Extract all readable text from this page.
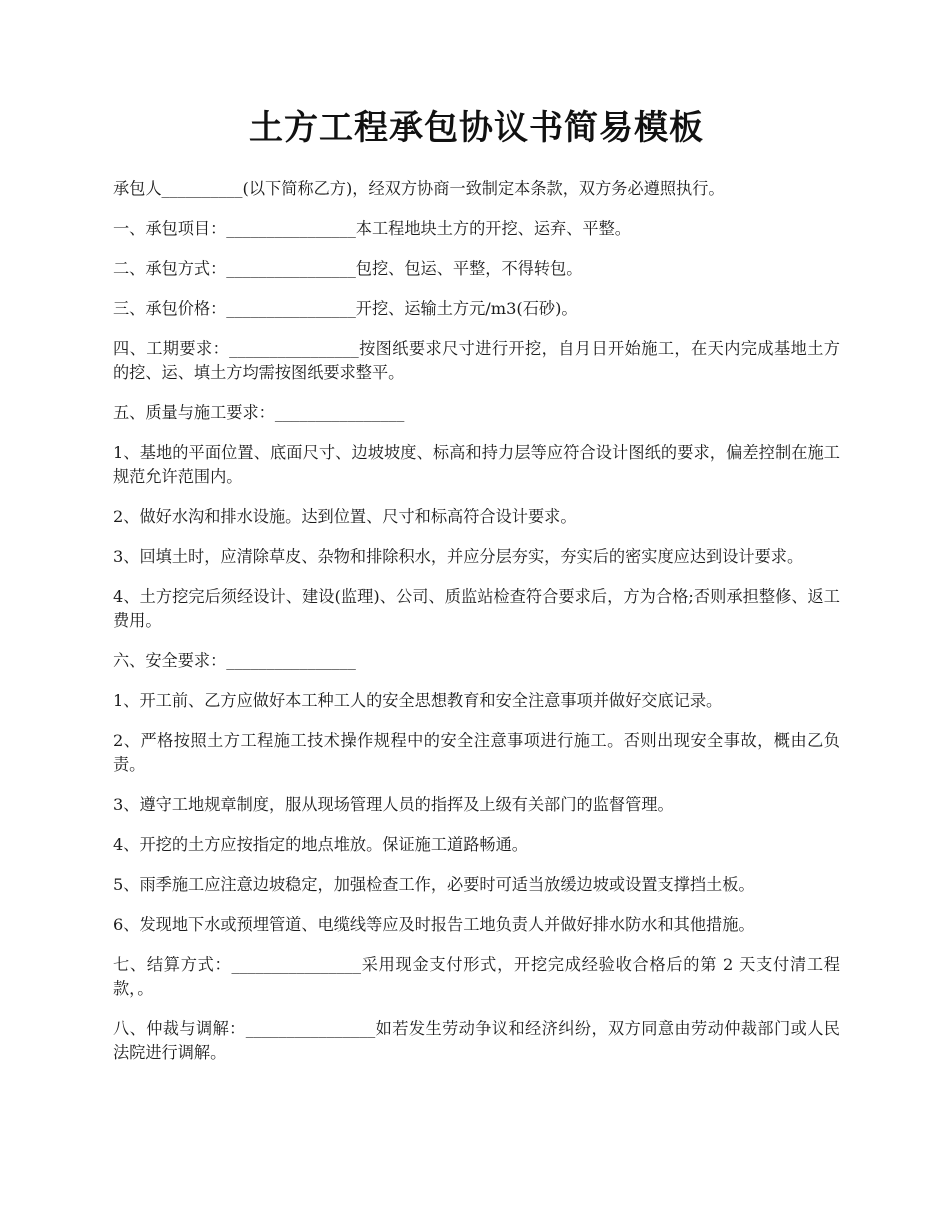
土方工程承包协议书简易模板

承包人__________(以下简称乙方)，经双方协商一致制定本条款，双方务必遵照执行。

一、承包项目：________________本工程地块土方的开挖、运弃、平整。

二、承包方式：________________包挖、包运、平整，不得转包。

三、承包价格：________________开挖、运输土方元/m3(石砂)。

四、工期要求：________________按图纸要求尺寸进行开挖，自月日开始施工，在天内完成基地土方的挖、运、填土方均需按图纸要求整平。

五、质量与施工要求：________________

1、基地的平面位置、底面尺寸、边坡坡度、标高和持力层等应符合设计图纸的要求，偏差控制在施工规范允许范围内。

2、做好水沟和排水设施。达到位置、尺寸和标高符合设计要求。

3、回填土时，应清除草皮、杂物和排除积水，并应分层夯实，夯实后的密实度应达到设计要求。

4、土方挖完后须经设计、建设(监理)、公司、质监站检查符合要求后，方为合格;否则承担整修、返工费用。

六、安全要求：________________

1、开工前、乙方应做好本工种工人的安全思想教育和安全注意事项并做好交底记录。

2、严格按照土方工程施工技术操作规程中的安全注意事项进行施工。否则出现安全事故，概由乙负责。

3、遵守工地规章制度，服从现场管理人员的指挥及上级有关部门的监督管理。

4、开挖的土方应按指定的地点堆放。保证施工道路畅通。

5、雨季施工应注意边坡稳定，加强检查工作，必要时可适当放缓边坡或设置支撑挡土板。

6、发现地下水或预埋管道、电缆线等应及时报告工地负责人并做好排水防水和其他措施。

七、结算方式：________________采用现金支付形式，开挖完成经验收合格后的第 2 天支付清工程款，。

八、仲裁与调解：________________如若发生劳动争议和经济纠纷，双方同意由劳动仲裁部门或人民法院进行调解。
